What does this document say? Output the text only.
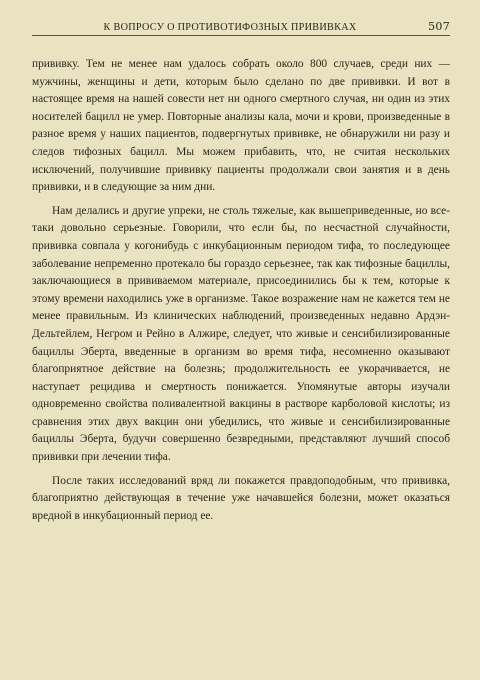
К ВОПРОСУ О ПРОТИВОТИФОЗНЫХ ПРИВИВКАХ	507

прививку. Тем не менее нам удалось собрать около 800 случаев, среди них — мужчины, женщины и дети, которым было сделано по две прививки. И вот в настоящее время на нашей совести нет ни одного смертного случая, ни один из этих носителей бацилл не умер. Повторные анализы кала, мочи и крови, произведенные в разное время у наших пациентов, подвергнутых прививке, не обнаружили ни разу и следов тифозных бацилл. Мы можем прибавить, что, не считая нескольких исключений, получившие прививку пациенты продолжали свои занятия и в день прививки, и в следующие за ним дни.

Нам делались и другие упреки, не столь тяжелые, как вышеприведенные, но все-таки довольно серьезные. Говорили, что если бы, по несчастной случайности, прививка совпала у когонибудь с инкубационным периодом тифа, то последующее заболевание непременно протекало бы гораздо серьезнее, так как тифозные бациллы, заключающиеся в прививаемом материале, присоединились бы к тем, которые к этому времени находились уже в организме. Такое возражение нам не кажется тем не менее правильным. Из клинических наблюдений, произведенных недавно Ардэн-Дельтейлем, Негром и Рейно в Алжире, следует, что живые и сенсибилизированные бациллы Эберта, введенные в организм во время тифа, несомненно оказывают благоприятное действие на болезнь; продолжительность ее укорачивается, не наступает рецидива и смертность понижается. Упомянутые авторы изучали одновременно свойства поливалентной вакцины в растворе карболовой кислоты; из сравнения этих двух вакцин они убедились, что живые и сенсибилизированные бациллы Эберта, будучи совершенно безвредными, представляют лучший способ прививки при лечении тифа.

После таких исследований вряд ли покажется правдоподобным, что прививка, благоприятно действующая в течение уже начавшейся болезни, может оказаться вредной в инкубационный период ее.
